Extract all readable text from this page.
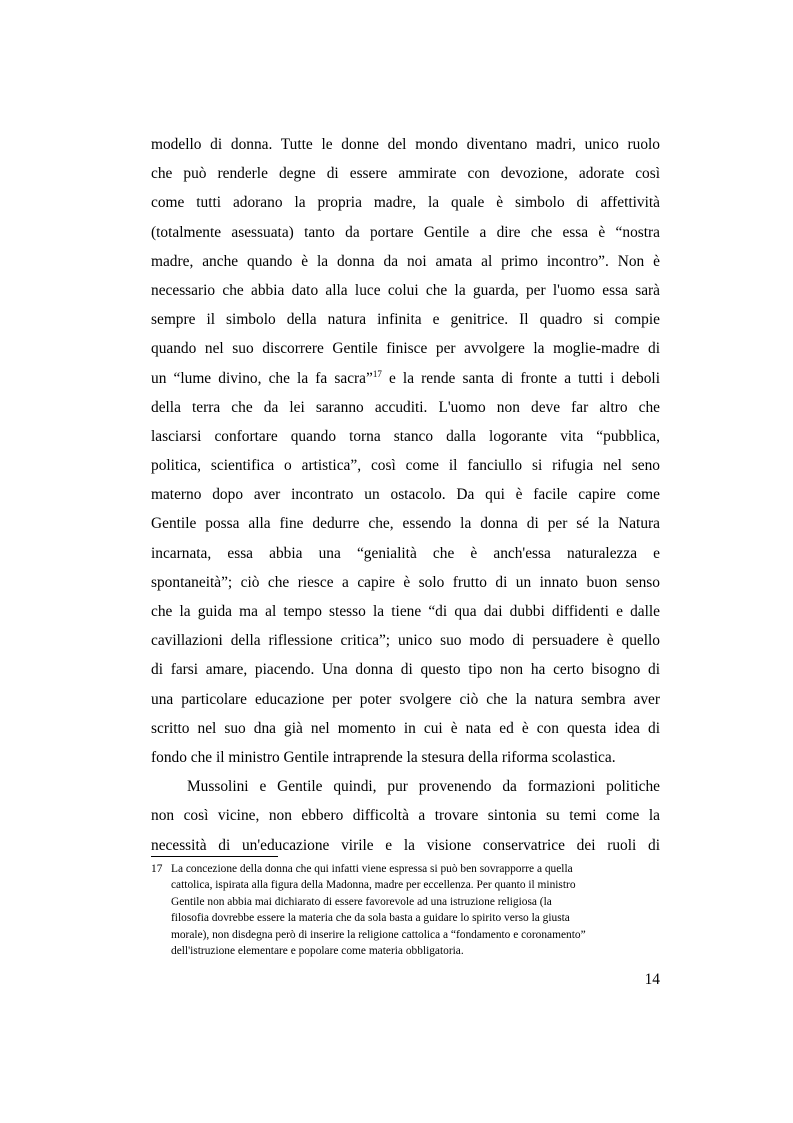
modello di donna. Tutte le donne del mondo diventano madri, unico ruolo
che può renderle degne di essere ammirate con devozione, adorate così
come tutti adorano la propria madre, la quale è simbolo di affettività
(totalmente asessuata) tanto da portare Gentile a dire che essa è “nostra
madre, anche quando è la donna da noi amata al primo incontro”. Non è
necessario che abbia dato alla luce colui che la guarda, per l'uomo essa sarà
sempre il simbolo della natura infinita e genitrice. Il quadro si compie
quando nel suo discorrere Gentile finisce per avvolgere la moglie-madre di
un “lume divino, che la fa sacra”$^{17}$ e la rende santa di fronte a tutti i deboli
della terra che da lei saranno accuditi. L'uomo non deve far altro che
lasciarsi confortare quando torna stanco dalla logorante vita “pubblica,
politica, scientifica o artistica”, così come il fanciullo si rifugia nel seno
materno dopo aver incontrato un ostacolo. Da qui è facile capire come
Gentile possa alla fine dedurre che, essendo la donna di per sé la Natura
incarnata, essa abbia una “genialità che è anch'essa naturalezza e
spontaneità”; ciò che riesce a capire è solo frutto di un innato buon senso
che la guida ma al tempo stesso la tiene “di qua dai dubbi diffidenti e dalle
cavillazioni della riflessione critica”; unico suo modo di persuadere è quello
di farsi amare, piacendo. Una donna di questo tipo non ha certo bisogno di
una particolare educazione per poter svolgere ciò che la natura sembra aver
scritto nel suo dna già nel momento in cui è nata ed è con questa idea di
fondo che il ministro Gentile intraprende la stesura della riforma scolastica.
Mussolini e Gentile quindi, pur provenendo da formazioni politiche
non così vicine, non ebbero difficoltà a trovare sintonia su temi come la
necessità di un'educazione virile e la visione conservatrice dei ruoli di
17 La concezione della donna che qui infatti viene espressa si può ben sovrapporre a quella
cattolica, ispirata alla figura della Madonna, madre per eccellenza. Per quanto il ministro
Gentile non abbia mai dichiarato di essere favorevole ad una istruzione religiosa (la
filosofia dovrebbe essere la materia che da sola basta a guidare lo spirito verso la giusta
morale), non disdegna però di inserire la religione cattolica a “fondamento e coronamento”
dell'istruzione elementare e popolare come materia obbligatoria.
14
